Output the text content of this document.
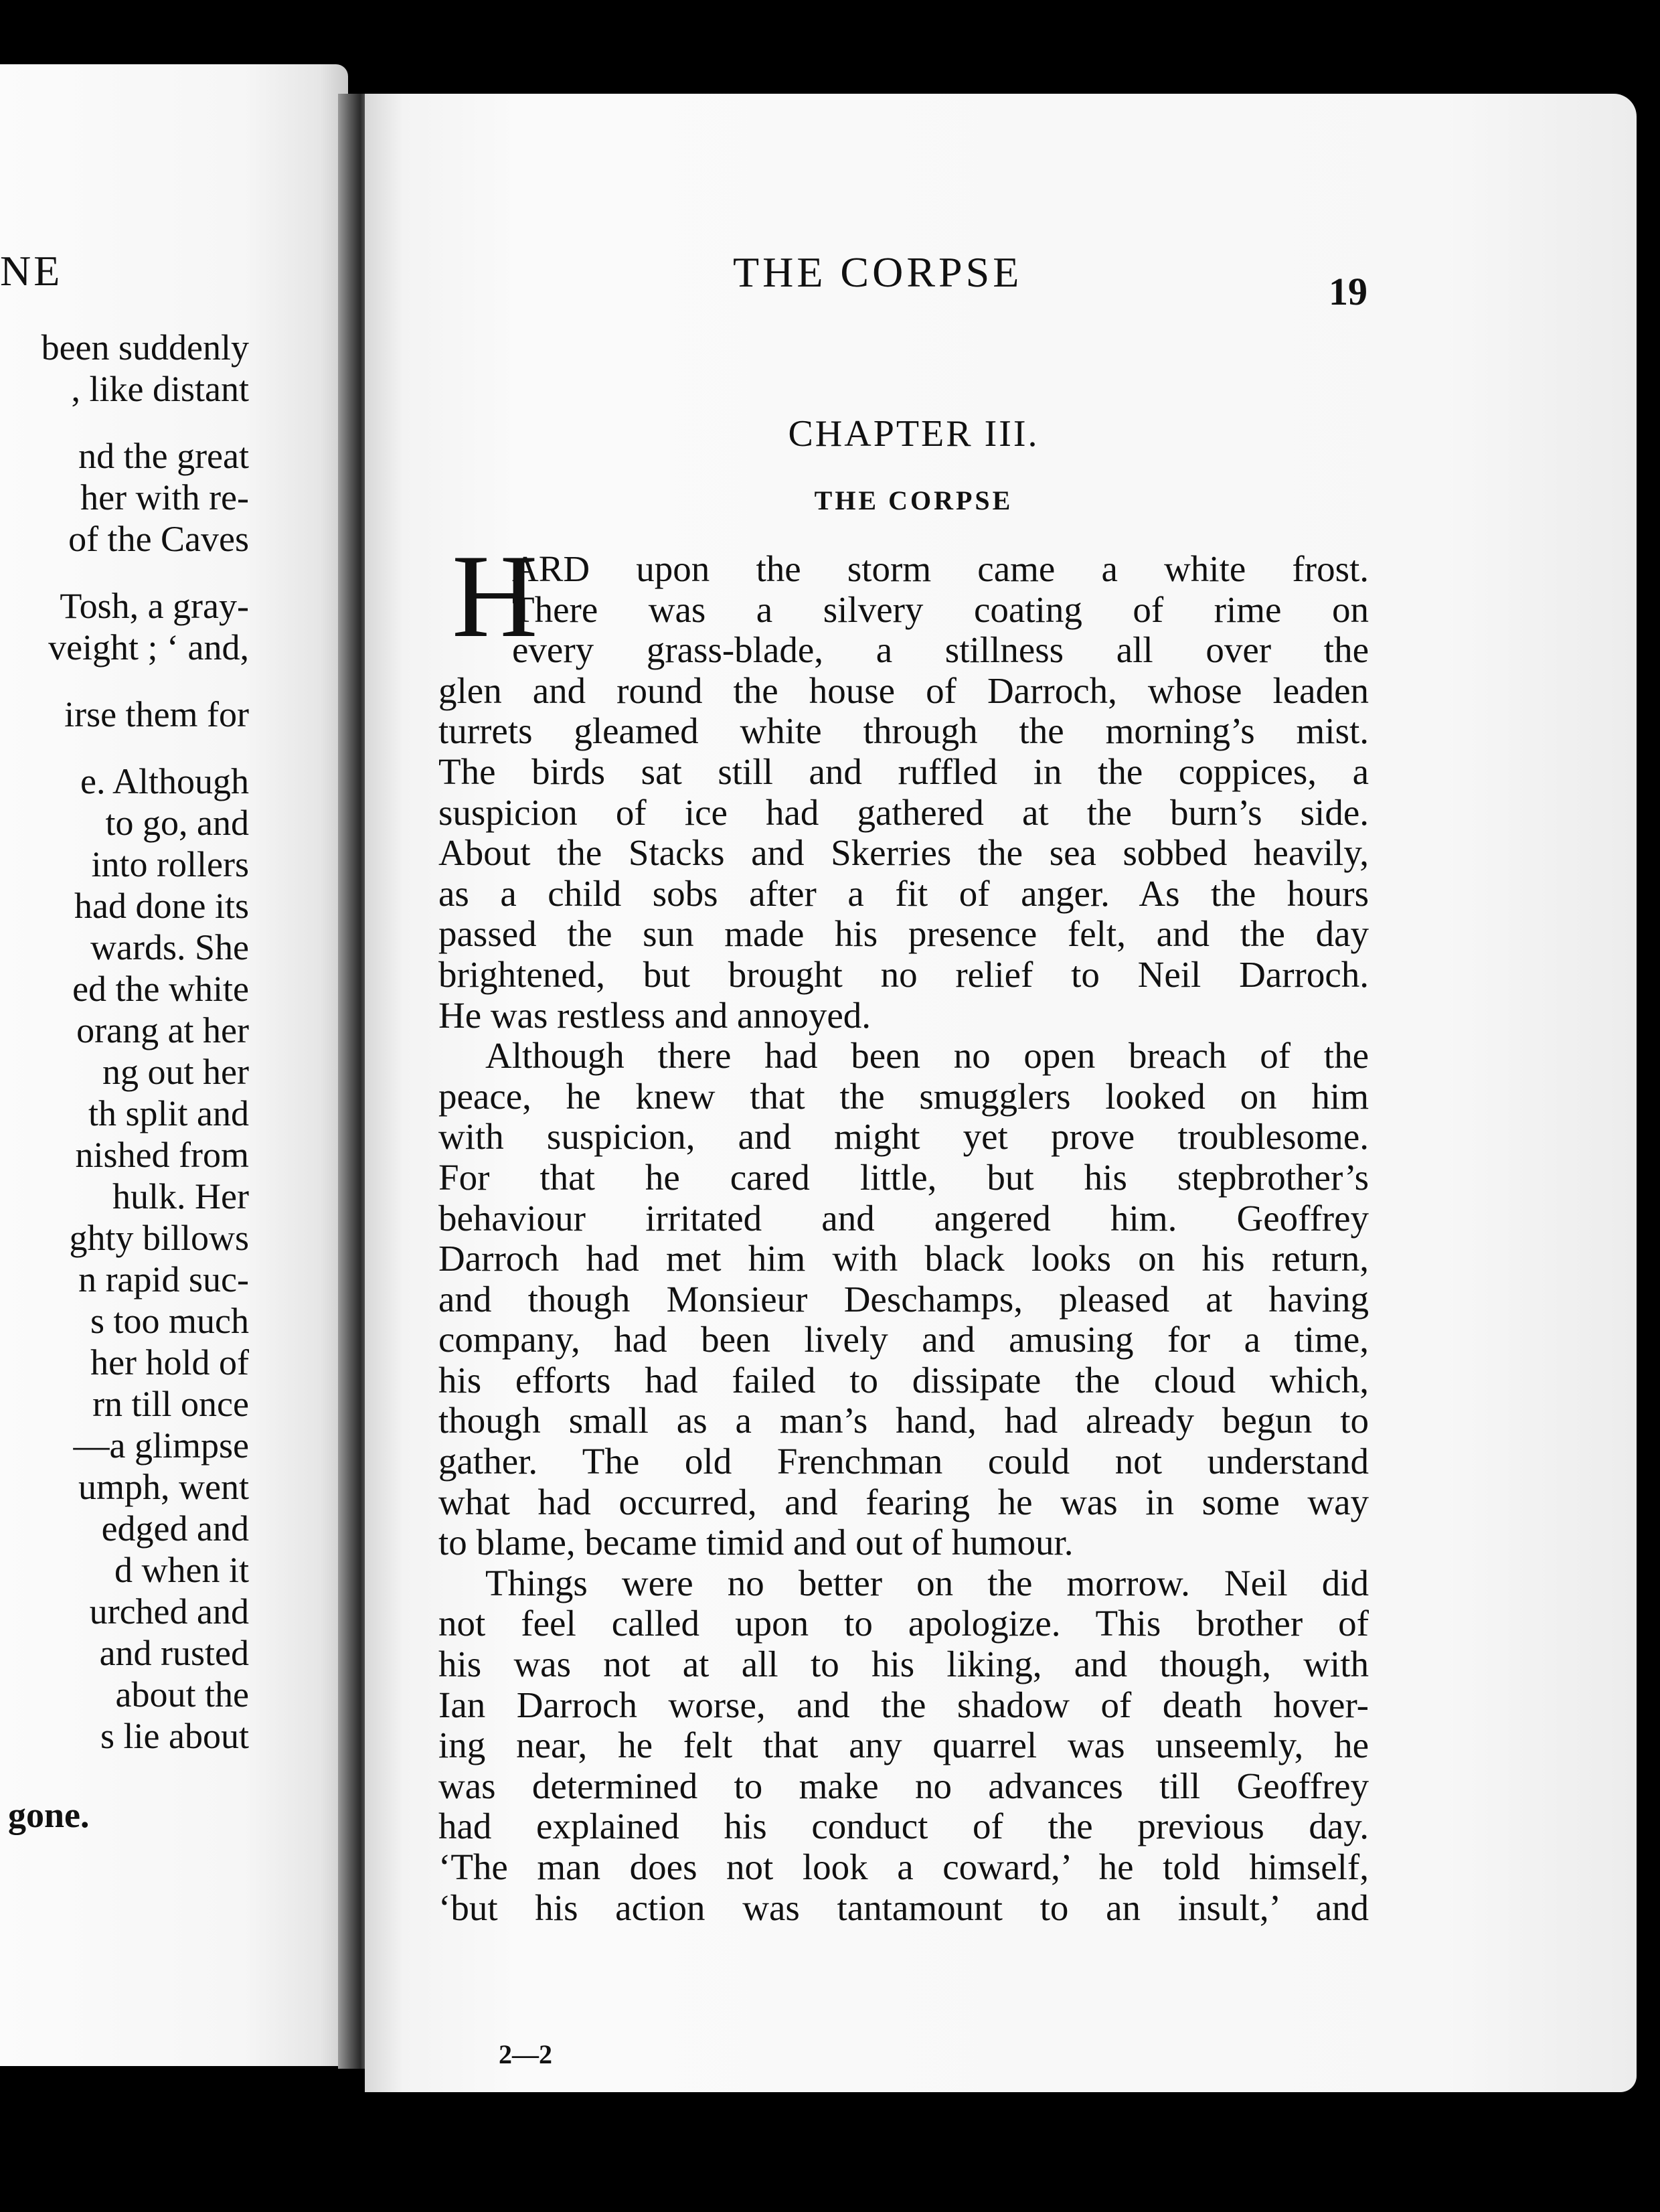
NE
been suddenly
, like distant
nd the great
her with re-
of the Caves
Tosh, a gray-
veight ; ‘ and,
irse them for
e. Although
to go, and
into rollers
had done its
wards. She
ed the white
orang at her
ng out her
th split and
nished from
hulk. Her
ghty billows
n rapid suc-
s too much
her hold of
rn till once
—a glimpse
umph, went
edged and
d when it
urched and
and rusted
about the
s lie about
gone.
THE CORPSE	19
CHAPTER III.
THE CORPSE
H
ARD upon the storm came a white frost.
There was a silvery coating of rime on
every grass-blade, a stillness all over the
glen and round the house of Darroch, whose leaden
turrets gleamed white through the morning’s mist.
The birds sat still and ruffled in the coppices, a
suspicion of ice had gathered at the burn’s side.
About the Stacks and Skerries the sea sobbed heavily,
as a child sobs after a fit of anger. As the hours
passed the sun made his presence felt, and the day
brightened, but brought no relief to Neil Darroch.
He was restless and annoyed.
Although there had been no open breach of the
peace, he knew that the smugglers looked on him
with suspicion, and might yet prove troublesome.
For that he cared little, but his stepbrother’s
behaviour irritated and angered him. Geoffrey
Darroch had met him with black looks on his return,
and though Monsieur Deschamps, pleased at having
company, had been lively and amusing for a time,
his efforts had failed to dissipate the cloud which,
though small as a man’s hand, had already begun to
gather. The old Frenchman could not understand
what had occurred, and fearing he was in some way
to blame, became timid and out of humour.
Things were no better on the morrow. Neil did
not feel called upon to apologize. This brother of
his was not at all to his liking, and though, with
Ian Darroch worse, and the shadow of death hover-
ing near, he felt that any quarrel was unseemly, he
was determined to make no advances till Geoffrey
had explained his conduct of the previous day.
‘The man does not look a coward,’ he told himself,
‘but his action was tantamount to an insult,’ and
2—2
